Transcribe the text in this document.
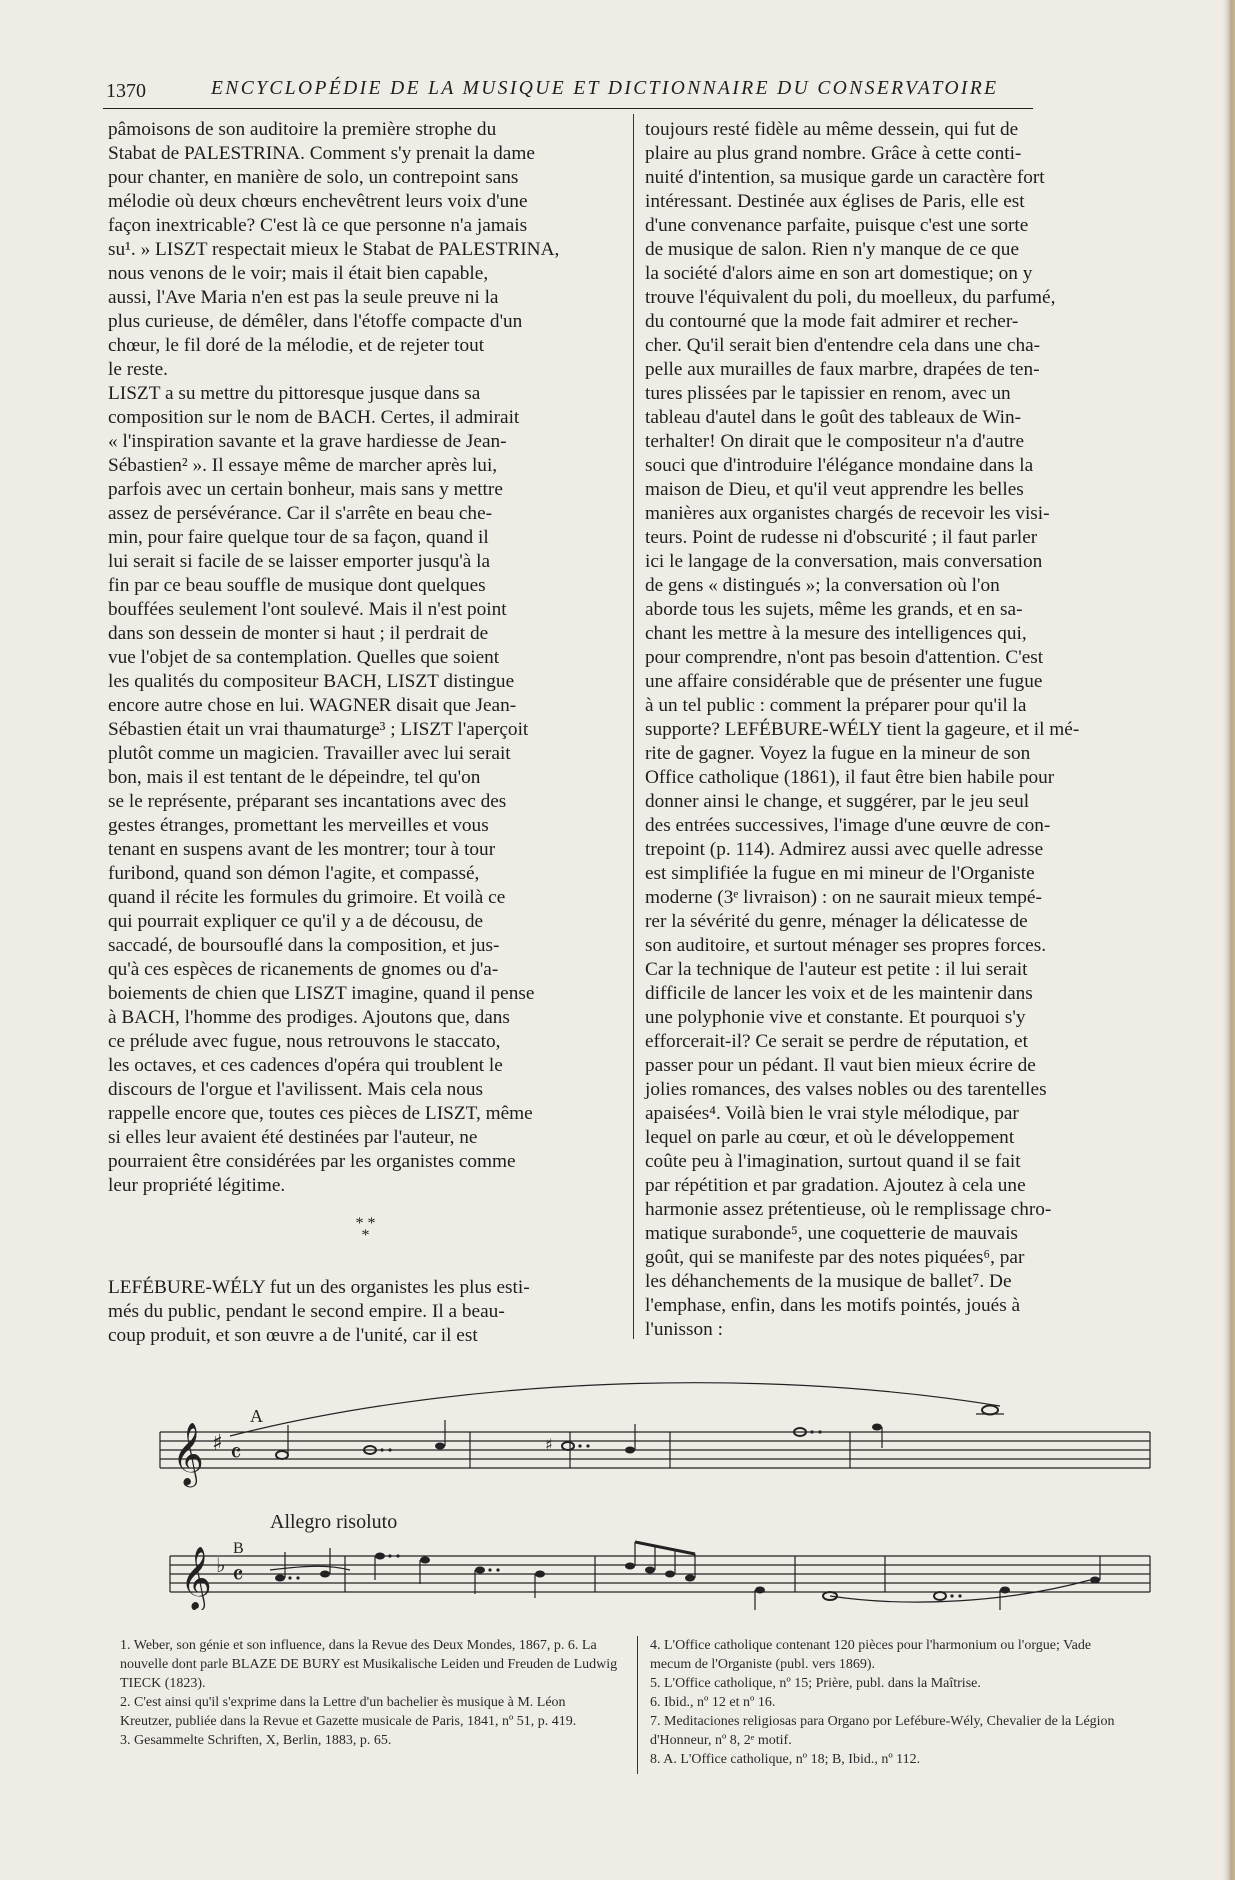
1370	ENCYCLOPÉDIE DE LA MUSIQUE ET DICTIONNAIRE DU CONSERVATOIRE

pâmoisons de son auditoire la première strophe du
Stabat de PALESTRINA. Comment s'y prenait la dame
pour chanter, en manière de solo, un contrepoint sans
mélodie où deux chœurs enchevêtrent leurs voix d'une
façon inextricable? C'est là ce que personne n'a jamais
su¹. » LISZT respectait mieux le Stabat de PALESTRINA,
nous venons de le voir; mais il était bien capable,
aussi, l'Ave Maria n'en est pas la seule preuve ni la
plus curieuse, de démêler, dans l'étoffe compacte d'un
chœur, le fil doré de la mélodie, et de rejeter tout
le reste.

LISZT a su mettre du pittoresque jusque dans sa
composition sur le nom de BACH. Certes, il admirait
« l'inspiration savante et la grave hardiesse de Jean-
Sébastien² ». Il essaye même de marcher après lui,
parfois avec un certain bonheur, mais sans y mettre
assez de persévérance. Car il s'arrête en beau che-
min, pour faire quelque tour de sa façon, quand il
lui serait si facile de se laisser emporter jusqu'à la
fin par ce beau souffle de musique dont quelques
bouffées seulement l'ont soulevé. Mais il n'est point
dans son dessein de monter si haut ; il perdrait de
vue l'objet de sa contemplation. Quelles que soient
les qualités du compositeur BACH, LISZT distingue
encore autre chose en lui. WAGNER disait que Jean-
Sébastien était un vrai thaumaturge³ ; LISZT l'aperçoit
plutôt comme un magicien. Travailler avec lui serait
bon, mais il est tentant de le dépeindre, tel qu'on
se le représente, préparant ses incantations avec des
gestes étranges, promettant les merveilles et vous
tenant en suspens avant de les montrer; tour à tour
furibond, quand son démon l'agite, et compassé,
quand il récite les formules du grimoire. Et voilà ce
qui pourrait expliquer ce qu'il y a de décousu, de
saccadé, de boursouflé dans la composition, et jus-
qu'à ces espèces de ricanements de gnomes ou d'a-
boiements de chien que LISZT imagine, quand il pense
à BACH, l'homme des prodiges. Ajoutons que, dans
ce prélude avec fugue, nous retrouvons le staccato,
les octaves, et ces cadences d'opéra qui troublent le
discours de l'orgue et l'avilissent. Mais cela nous
rappelle encore que, toutes ces pièces de LISZT, même
si elles leur avaient été destinées par l'auteur, ne
pourraient être considérées par les organistes comme
leur propriété légitime.

* *
*

LEFÉBURE-WÉLY fut un des organistes les plus esti-
més du public, pendant le second empire. Il a beau-
coup produit, et son œuvre a de l'unité, car il est

toujours resté fidèle au même dessein, qui fut de
plaire au plus grand nombre. Grâce à cette conti-
nuité d'intention, sa musique garde un caractère fort
intéressant. Destinée aux églises de Paris, elle est
d'une convenance parfaite, puisque c'est une sorte
de musique de salon. Rien n'y manque de ce que
la société d'alors aime en son art domestique; on y
trouve l'équivalent du poli, du moelleux, du parfumé,
du contourné que la mode fait admirer et recher-
cher. Qu'il serait bien d'entendre cela dans une cha-
pelle aux murailles de faux marbre, drapées de ten-
tures plissées par le tapissier en renom, avec un
tableau d'autel dans le goût des tableaux de Win-
terhalter! On dirait que le compositeur n'a d'autre
souci que d'introduire l'élégance mondaine dans la
maison de Dieu, et qu'il veut apprendre les belles
manières aux organistes chargés de recevoir les visi-
teurs. Point de rudesse ni d'obscurité ; il faut parler
ici le langage de la conversation, mais conversation
de gens « distingués »; la conversation où l'on
aborde tous les sujets, même les grands, et en sa-
chant les mettre à la mesure des intelligences qui,
pour comprendre, n'ont pas besoin d'attention. C'est
une affaire considérable que de présenter une fugue
à un tel public : comment la préparer pour qu'il la
supporte? LEFÉBURE-WÉLY tient la gageure, et il mé-
rite de gagner. Voyez la fugue en la mineur de son
Office catholique (1861), il faut être bien habile pour
donner ainsi le change, et suggérer, par le jeu seul
des entrées successives, l'image d'une œuvre de con-
trepoint (p. 114). Admirez aussi avec quelle adresse
est simplifiée la fugue en mi mineur de l'Organiste
moderne (3ᵉ livraison) : on ne saurait mieux tempé-
rer la sévérité du genre, ménager la délicatesse de
son auditoire, et surtout ménager ses propres forces.
Car la technique de l'auteur est petite : il lui serait
difficile de lancer les voix et de les maintenir dans
une polyphonie vive et constante. Et pourquoi s'y
efforcerait-il? Ce serait se perdre de réputation, et
passer pour un pédant. Il vaut bien mieux écrire de
jolies romances, des valses nobles ou des tarentelles
apaisées⁴. Voilà bien le vrai style mélodique, par
lequel on parle au cœur, et où le développement
coûte peu à l'imagination, surtout quand il se fait
par répétition et par gradation. Ajoutez à cela une
harmonie assez prétentieuse, où le remplissage chro-
matique surabonde⁵, une coquetterie de mauvais
goût, qui se manifeste par des notes piquées⁶, par
les déhanchements de la musique de ballet⁷. De
l'emphase, enfin, dans les motifs pointés, joués à
l'unisson :

A
𝄞 ♯ 𝄴	♯
Allegro risoluto
B
𝄞 ♭ 𝄴

1. Weber, son génie et son influence, dans la Revue des Deux Mondes, 1867, p. 6. La nouvelle dont parle BLAZE DE BURY est Musikalische Leiden und Freuden de Ludwig TIECK (1823).

2. C'est ainsi qu'il s'exprime dans la Lettre d'un bachelier ès musique à M. Léon Kreutzer, publiée dans la Revue et Gazette musicale de Paris, 1841, nº 51, p. 419.

3. Gesammelte Schriften, X, Berlin, 1883, p. 65.

4. L'Office catholique contenant 120 pièces pour l'harmonium ou l'orgue; Vade mecum de l'Organiste (publ. vers 1869).

5. L'Office catholique, nº 15; Prière, publ. dans la Maîtrise.

6. Ibid., nº 12 et nº 16.

7. Meditaciones religiosas para Organo por Lefébure-Wély, Chevalier de la Légion d'Honneur, nº 8, 2ᵉ motif.

8. A. L'Office catholique, nº 18; B, Ibid., nº 112.
